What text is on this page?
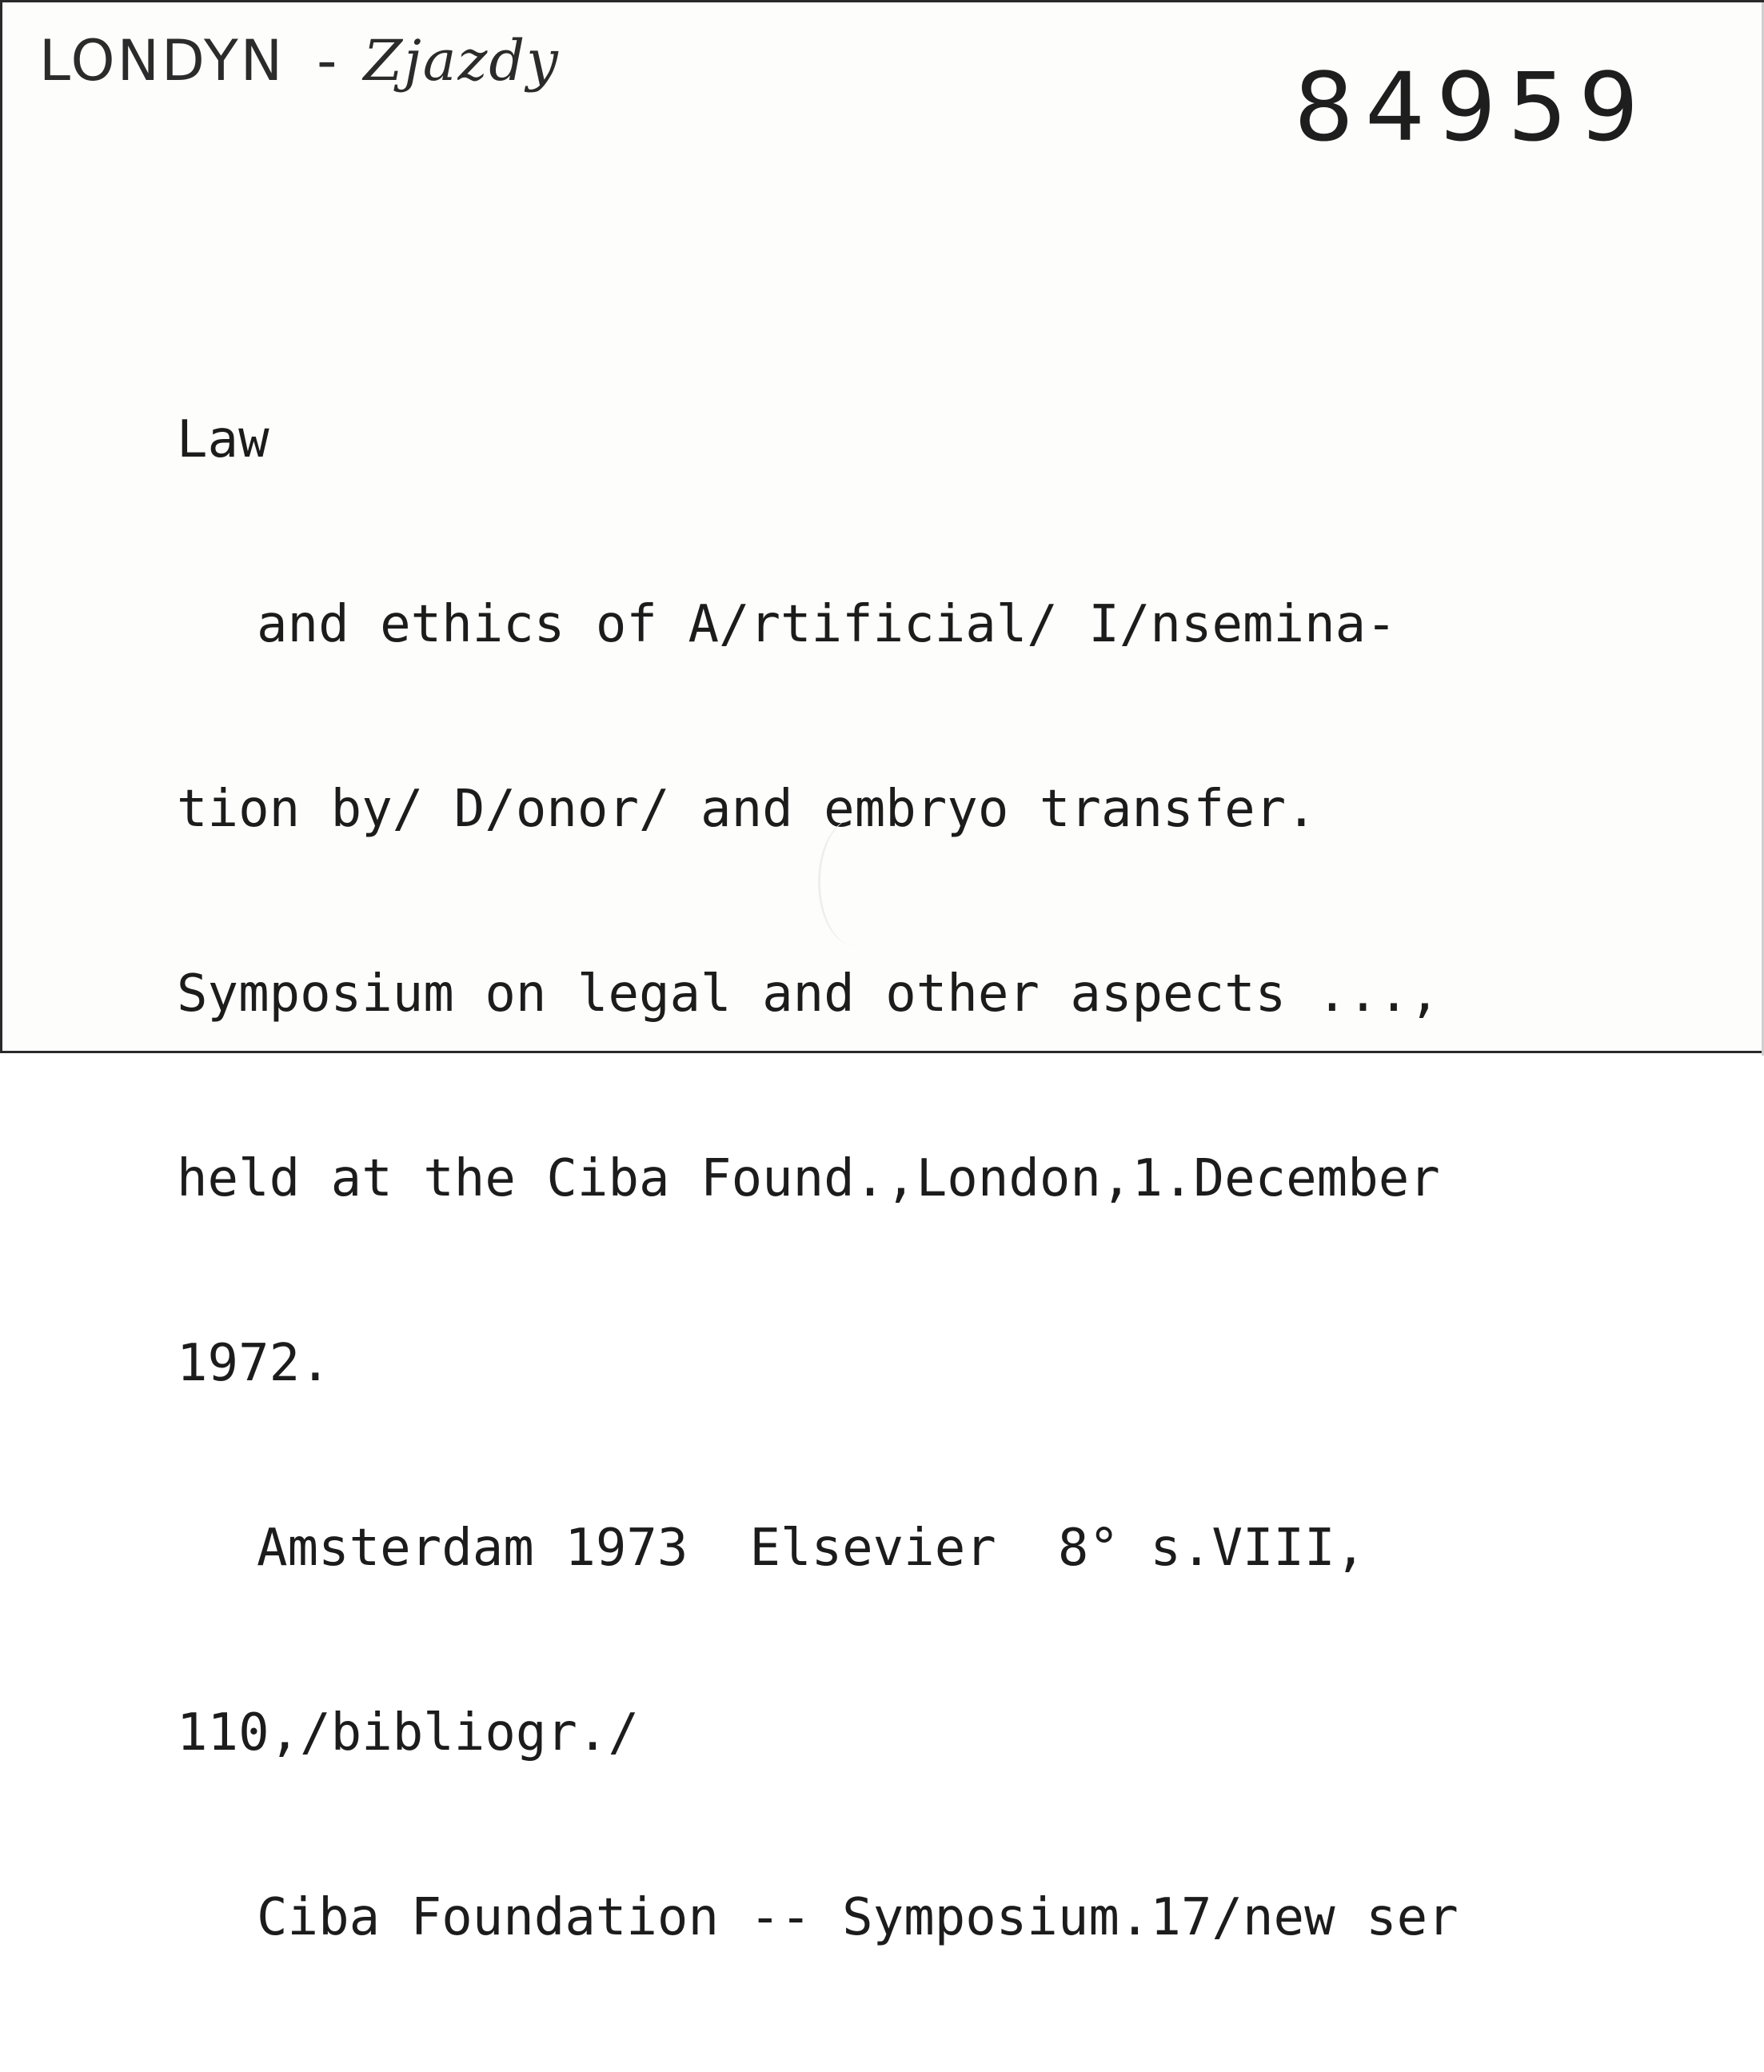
LONDYN - Zjazdy	84959

Law

and ethics of A/rtificial/ I/nsemina-

tion by/ D/onor/ and embryo transfer.

Symposium on legal and other aspects ...,

held at the Ciba Found.,London,1.December

1972.

Amsterdam 1973  Elsevier  8° s.VIII,

110,/bibliogr./

Ciba Foundation -- Symposium.17/new ser
